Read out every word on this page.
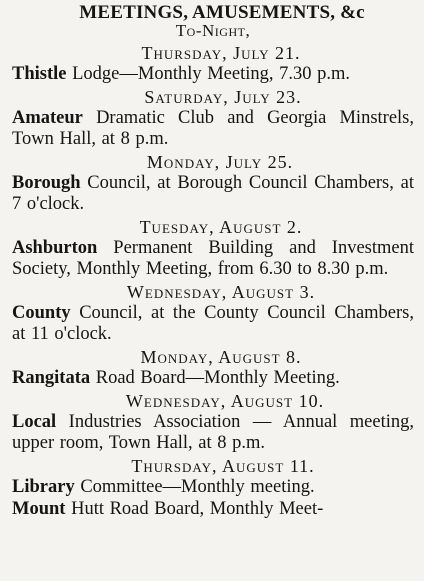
MEETINGS, AMUSEMENTS, &c
To-Night,
Thursday, July 21.
Thistle Lodge—Monthly Meeting, 7.30 p.m.
Saturday, July 23.
Amateur Dramatic Club and Georgia Minstrels, Town Hall, at 8 p.m.
Monday, July 25.
Borough Council, at Borough Council Chambers, at 7 o'clock.
Tuesday, August 2.
Ashburton Permanent Building and Investment Society, Monthly Meeting, from 6.30 to 8.30 p.m.
Wednesday, August 3.
County Council, at the County Council Chambers, at 11 o'clock.
Monday, August 8.
Rangitata Road Board—Monthly Meeting.
Wednesday, August 10.
Local Industries Association — Annual meeting, upper room, Town Hall, at 8 p.m.
Thursday, August 11.
Library Committee—Monthly meeting.
Mount Hutt Road Board, Monthly Meet-
